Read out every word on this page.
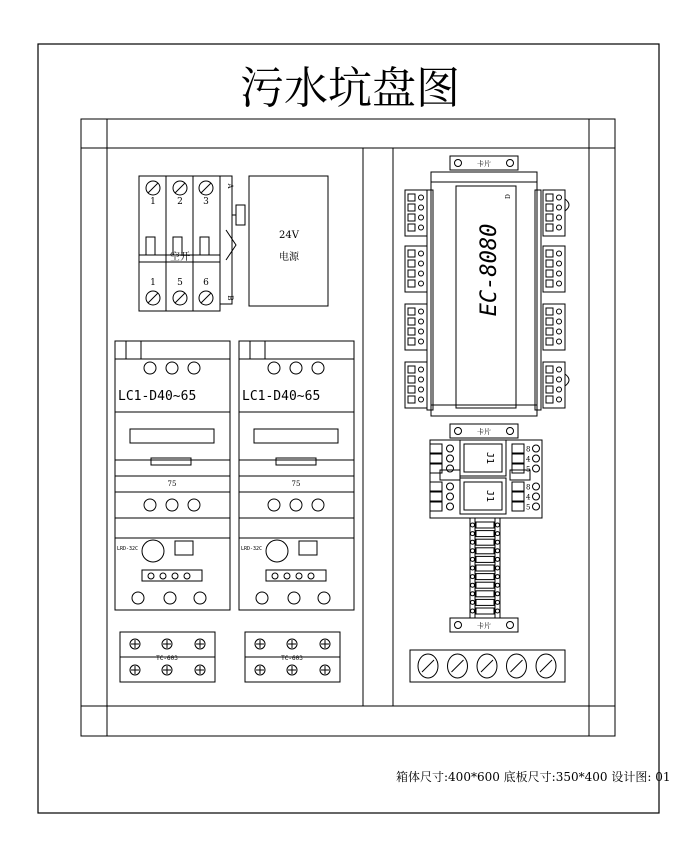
污水坑盘图
1 2 3
1 5 6
空开
A
B
24V
电源
LC1-D40~65
75
LRD-32C
LC1-D40~65
75
LRD-32C
TC-603	TC-603
卡片
EC-8080
D
J1
J1
8
4
5
8
4
5
卡片
卡片
箱体尺寸:400*600 底板尺寸:350*400 设计图: 01
